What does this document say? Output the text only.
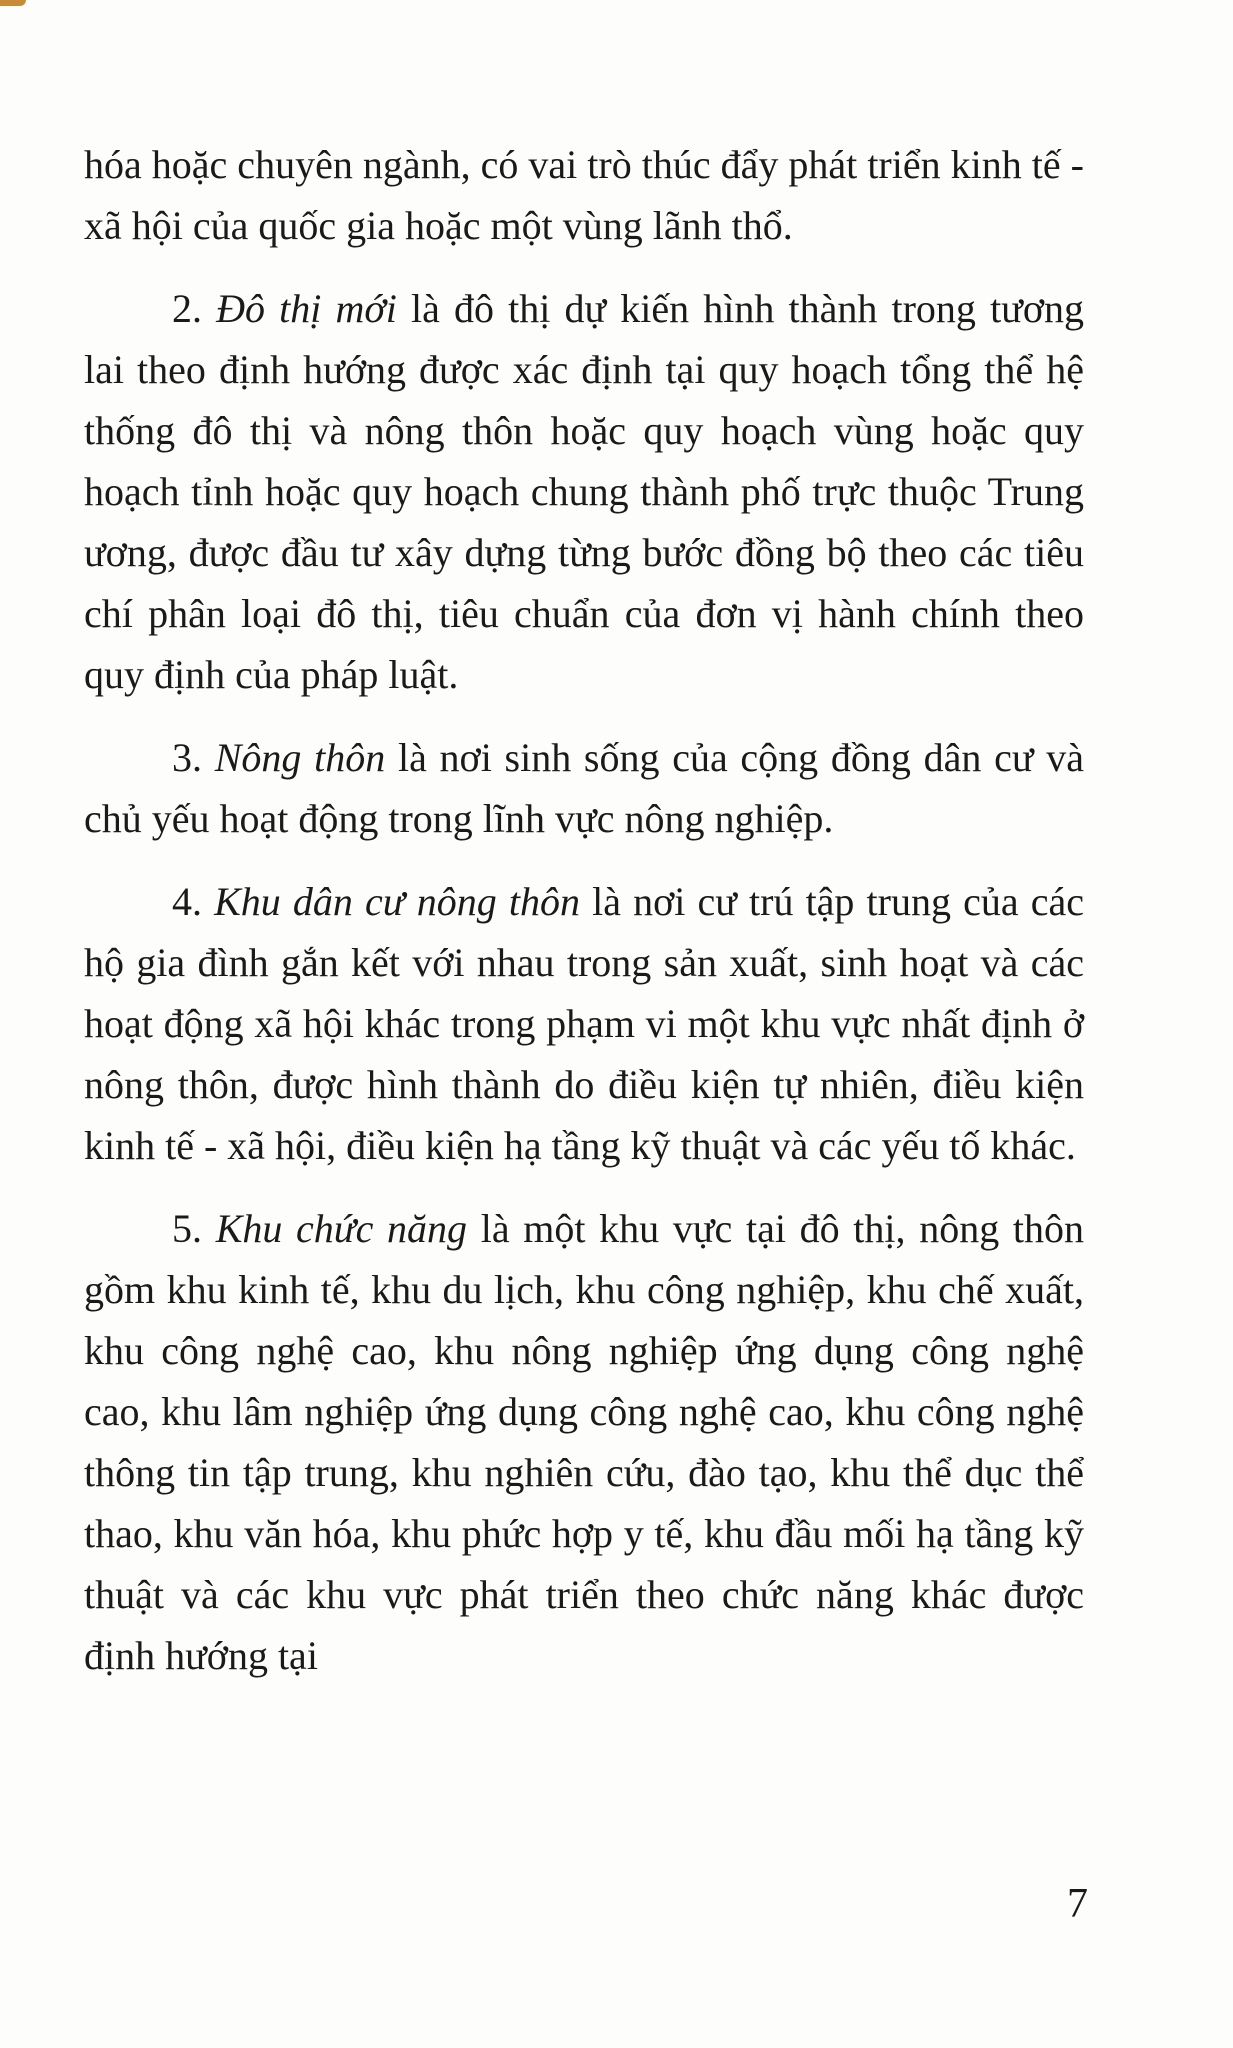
hóa hoặc chuyên ngành, có vai trò thúc đẩy phát triển kinh tế - xã hội của quốc gia hoặc một vùng lãnh thổ.

2. Đô thị mới là đô thị dự kiến hình thành trong tương lai theo định hướng được xác định tại quy hoạch tổng thể hệ thống đô thị và nông thôn hoặc quy hoạch vùng hoặc quy hoạch tỉnh hoặc quy hoạch chung thành phố trực thuộc Trung ương, được đầu tư xây dựng từng bước đồng bộ theo các tiêu chí phân loại đô thị, tiêu chuẩn của đơn vị hành chính theo quy định của pháp luật.

3. Nông thôn là nơi sinh sống của cộng đồng dân cư và chủ yếu hoạt động trong lĩnh vực nông nghiệp.

4. Khu dân cư nông thôn là nơi cư trú tập trung của các hộ gia đình gắn kết với nhau trong sản xuất, sinh hoạt và các hoạt động xã hội khác trong phạm vi một khu vực nhất định ở nông thôn, được hình thành do điều kiện tự nhiên, điều kiện kinh tế - xã hội, điều kiện hạ tầng kỹ thuật và các yếu tố khác.

5. Khu chức năng là một khu vực tại đô thị, nông thôn gồm khu kinh tế, khu du lịch, khu công nghiệp, khu chế xuất, khu công nghệ cao, khu nông nghiệp ứng dụng công nghệ cao, khu lâm nghiệp ứng dụng công nghệ cao, khu công nghệ thông tin tập trung, khu nghiên cứu, đào tạo, khu thể dục thể thao, khu văn hóa, khu phức hợp y tế, khu đầu mối hạ tầng kỹ thuật và các khu vực phát triển theo chức năng khác được định hướng tại

7
